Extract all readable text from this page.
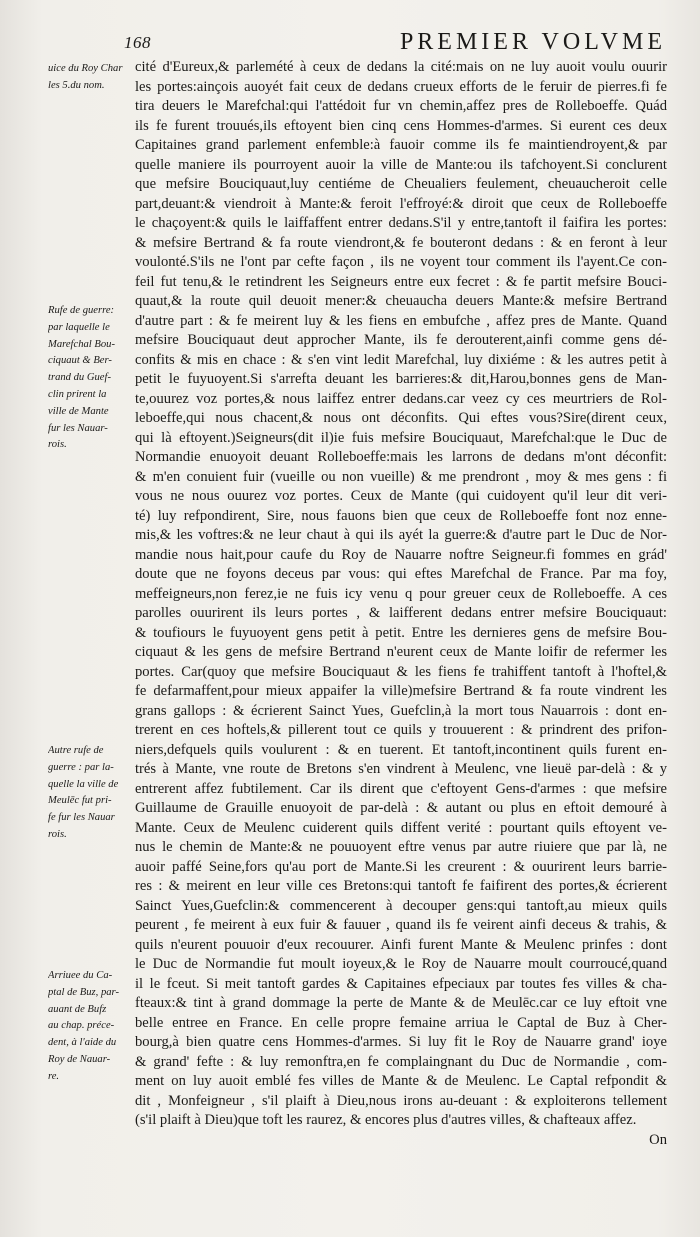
168	PREMIER VOLVME
uice du Roy Char
les 5.du nom.
Rufe de guerre:
par laquelle le
Marefchal Bou-
ciquaut & Ber-
trand du Guef-
clin prirent la
ville de Mante
fur les Nauar-
rois.
Autre rufe de
guerre : par la-
quelle la ville de
Meulēc fut pri-
fe fur les Nauar
rois.
Arriuee du Ca-
ptal de Buz, par-
auant de Bufz
au chap. préce-
dent, à l'aide du
Roy de Nauar-
re.
cité d'Eureux,& parlemété à ceux de dedans la cité:mais on ne luy auoit voulu ouurir
les portes:ainçois auoyét fait ceux de dedans crueux efforts de le feruir de pierres.fi fe
tira deuers le Marefchal:qui l'attédoit fur vn chemin,affez pres de Rolleboeffe. Quád
ils fe furent trouués,ils eftoyent bien cinq cens Hommes-d'armes. Si eurent ces deux
Capitaines grand parlement enfemble:à fauoir comme ils fe maintiendroyent,& par
quelle maniere ils pourroyent auoir la ville de Mante:ou ils tafchoyent.Si conclurent
que mefsire Bouciquaut,luy centiéme de Cheualiers feulement, cheuaucheroit celle
part,deuant:& viendroit à Mante:& feroit l'effroyé:& diroit que ceux de Rolleboeffe
le chaçoyent:& quils le laiffaffent entrer dedans.S'il y entre,tantoft il faifira les portes:
& mefsire Bertrand & fa route viendront,& fe bouteront dedans : & en feront à leur
voulonté.S'ils ne l'ont par cefte façon , ils ne voyent tour comment ils l'ayent.Ce con-
feil fut tenu,& le retindrent les Seigneurs entre eux fecret : & fe partit mefsire Bouci-
quaut,& la route quil deuoit mener:& cheuaucha deuers Mante:& mefsire Bertrand
d'autre part : & fe meirent luy & les fiens en embufche , affez pres de Mante. Quand
mefsire Bouciquaut deut approcher Mante, ils fe derouterent,ainfi comme gens dé-
confits & mis en chace : & s'en vint ledit Marefchal, luy dixiéme : & les autres petit à
petit le fuyuoyent.Si s'arrefta deuant les barrieres:& dit,Harou,bonnes gens de Man-
te,ouurez voz portes,& nous laiffez entrer dedans.car veez cy ces meurtriers de Rol-
leboeffe,qui nous chacent,& nous ont déconfits. Qui eftes vous?Sire(dirent ceux,
qui là eftoyent.)Seigneurs(dit il)ie fuis mefsire Bouciquaut, Marefchal:que le Duc de
Normandie enuoyoit deuant Rolleboeffe:mais les larrons de dedans m'ont déconfit:
& m'en conuient fuir (vueille ou non vueille) & me prendront , moy & mes gens : fi
vous ne nous ouurez voz portes. Ceux de Mante (qui cuidoyent qu'il leur dit veri-
té) luy refpondirent, Sire, nous fauons bien que ceux de Rolleboeffe font noz enne-
mis,& les voftres:& ne leur chaut à qui ils ayét la guerre:& d'autre part le Duc de Nor-
mandie nous hait,pour caufe du Roy de Nauarre noftre Seigneur.fi fommes en grád'
doute que ne foyons deceus par vous: qui eftes Marefchal de France. Par ma foy,
meffeigneurs,non ferez,ie ne fuis icy venu q pour greuer ceux de Rolleboeffe. A ces
parolles ouurirent ils leurs portes , & laifferent dedans entrer mefsire Bouciquaut:
& toufiours le fuyuoyent gens petit à petit. Entre les dernieres gens de mefsire Bou-
ciquaut & les gens de mefsire Bertrand n'eurent ceux de Mante loifir de refermer les
portes. Car(quoy que mefsire Bouciquaut & les fiens fe trahiffent tantoft à l'hoftel,&
fe defarmaffent,pour mieux appaifer la ville)mefsire Bertrand & fa route vindrent les
grans gallops : & écrierent Sainct Yues, Guefclin,à la mort tous Nauarrois : dont en-
trerent en ces hoftels,& pillerent tout ce quils y trouuerent : & prindrent des prifon-
niers,defquels quils voulurent : & en tuerent. Et tantoft,incontinent quils furent en-
trés à Mante, vne route de Bretons s'en vindrent à Meulenc, vne lieuë par-delà : & y
entrerent affez fubtilement. Car ils dirent que c'eftoyent Gens-d'armes : que mefsire
Guillaume de Grauille enuoyoit de par-delà : & autant ou plus en eftoit demouré à
Mante. Ceux de Meulenc cuiderent quils diffent verité : pourtant quils eftoyent ve-
nus le chemin de Mante:& ne pouuoyent eftre venus par autre riuiere que par là, ne
auoir paffé Seine,fors qu'au port de Mante.Si les creurent : & ouurirent leurs barrie-
res : & meirent en leur ville ces Bretons:qui tantoft fe faifirent des portes,& écrierent
Sainct Yues,Guefclin:& commencerent à decouper gens:qui tantoft,au mieux quils
peurent , fe meirent à eux fuir & fauuer , quand ils fe veirent ainfi deceus & trahis, &
quils n'eurent pouuoir d'eux recouurer. Ainfi furent Mante & Meulenc prinfes : dont
le Duc de Normandie fut moult ioyeux,& le Roy de Nauarre moult courroucé,quand
il le fceut. Si meit tantoft gardes & Capitaines efpeciaux par toutes fes villes & cha-
fteaux:& tint à grand dommage la perte de Mante & de Meulēc.car ce luy eftoit vne
belle entree en France. En celle propre femaine arriua le Captal de Buz à Cher-
bourg,à bien quatre cens Hommes-d'armes. Si luy fit le Roy de Nauarre grand' ioye
& grand' fefte : & luy remonftra,en fe complaingnant du Duc de Normandie , com-
ment on luy auoit emblé fes villes de Mante & de Meulenc. Le Captal refpondit &
dit , Monfeigneur , s'il plaift à Dieu,nous irons au-deuant : & exploiterons tellement
(s'il plaift à Dieu)que toft les raurez, & encores plus d'autres villes, & chafteaux affez.
On
